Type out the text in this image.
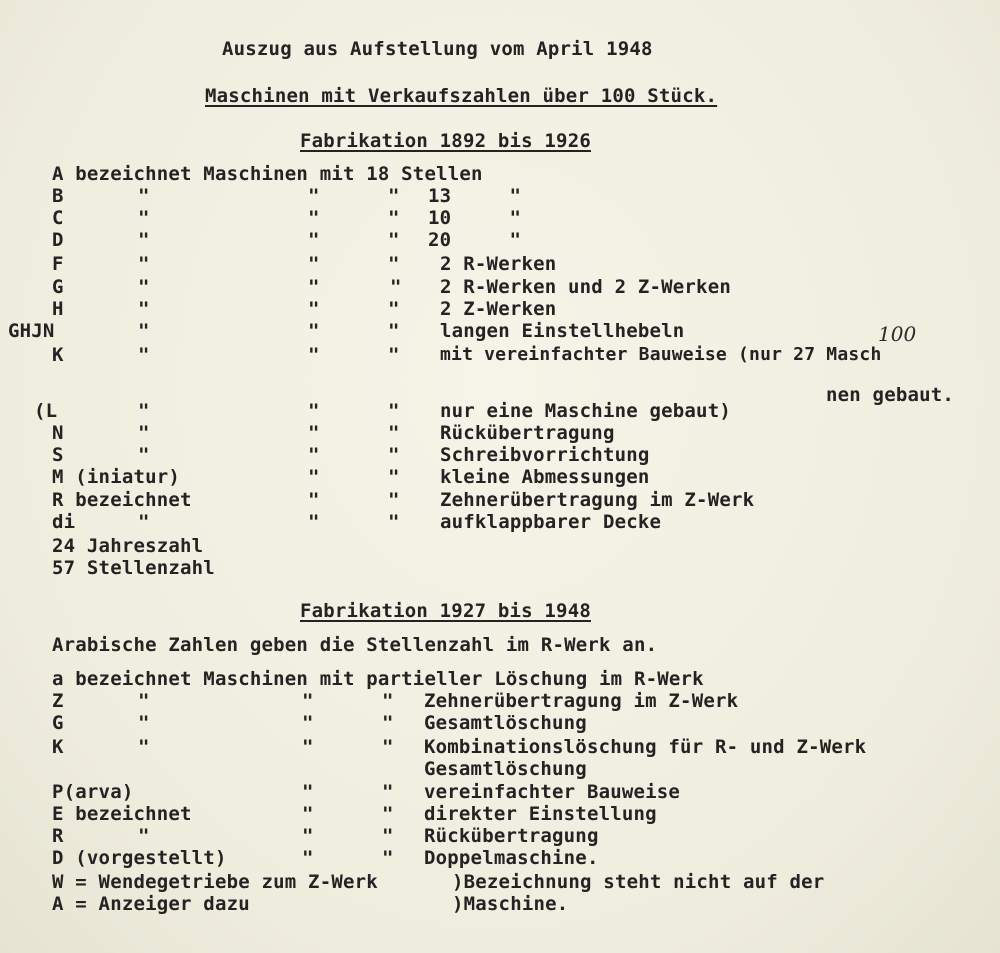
Auszug aus Aufstellung vom April 1948
Maschinen mit Verkaufszahlen über 100 Stück.
Fabrikation 1892 bis 1926
A bezeichnet Maschinen mit 18 Stellen
B	"	"	" 13     "
C	"	"	" 10     "
D	"	"	" 20     "
F	"	"	" 2 R-Werken
G	"	"	" 2 R-Werken und 2 Z-Werken
H	"	"	" 2 Z-Werken
GHJN	"	"	" langen Einstellhebeln	100
K	"	"	" mit vereinfachter Bauweise (nur 27 Masch
nen gebaut.
(L	"	"	" nur eine Maschine gebaut)
N	"	"	" Rückübertragung
S	"	"	" Schreibvorrichtung
M (iniatur)	"	" kleine Abmessungen
R bezeichnet	"	" Zehnerübertragung im Z-Werk
di	"	"	" aufklappbarer Decke
24 Jahreszahl
57 Stellenzahl
Fabrikation 1927 bis 1948
Arabische Zahlen geben die Stellenzahl im R-Werk an.
a bezeichnet Maschinen mit partieller Löschung im R-Werk
Z	"	"	" Zehnerübertragung im Z-Werk
G	"	"	" Gesamtlöschung
K	"	"	" Kombinationslöschung für R- und Z-Werk
Gesamtlöschung
P(arva)	"	" vereinfachter Bauweise
E bezeichnet	"	" direkter Einstellung
R	"	"	" Rückübertragung
D (vorgestellt)	"	" Doppelmaschine.
W = Wendegetriebe zum Z-Werk	)Bezeichnung steht nicht auf der
A = Anzeiger dazu	)Maschine.
